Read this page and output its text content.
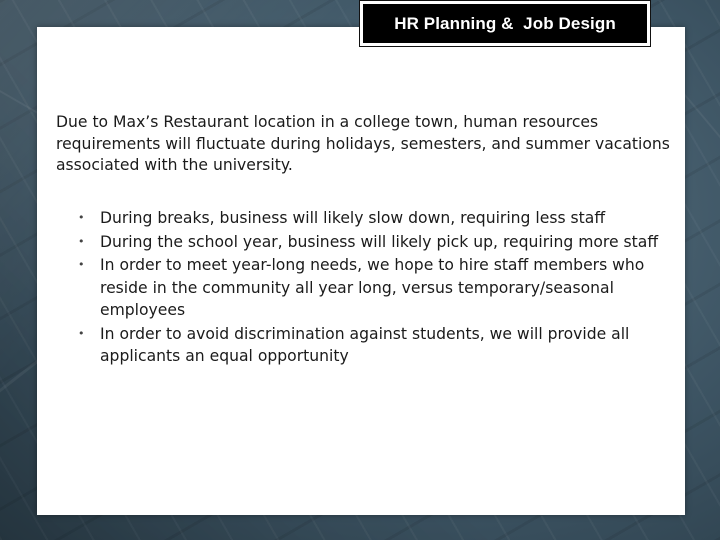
HR Planning &  Job Design

Due to Max’s Restaurant location in a college town, human resources requirements will fluctuate during holidays, semesters, and summer vacations associated with the university.

• During breaks, business will likely slow down, requiring less staff
• During the school year, business will likely pick up, requiring more staff
• In order to meet year-long needs, we hope to hire staff members who reside in the community all year long, versus temporary/seasonal employees
• In order to avoid discrimination against students, we will provide all applicants an equal opportunity
